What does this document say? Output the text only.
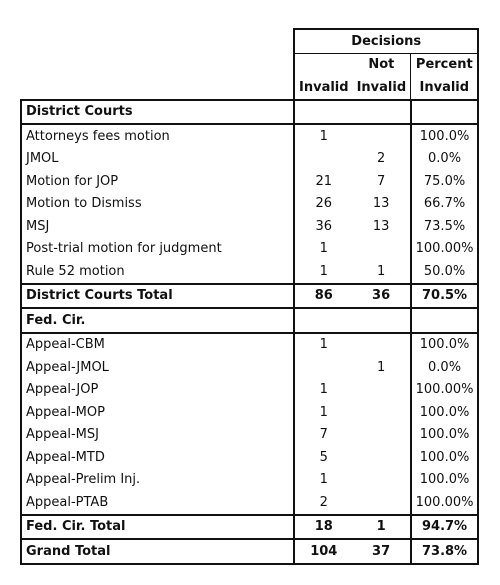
	Decisions		
		Not	Percent
	Invalid	Invalid	Invalid
District Courts			
Attorneys fees motion	1		100.0%
JMOL		2	0.0%
Motion for JOP	21	7	75.0%
Motion to Dismiss	26	13	66.7%
MSJ	36	13	73.5%
Post-trial motion for judgment	1		100.00%
Rule 52 motion	1	1	50.0%
District Courts Total	86	36	70.5%
Fed. Cir.			
Appeal-CBM	1		100.0%
Appeal-JMOL		1	0.0%
Appeal-JOP	1		100.00%
Appeal-MOP	1		100.0%
Appeal-MSJ	7		100.0%
Appeal-MTD	5		100.0%
Appeal-Prelim Inj.	1		100.0%
Appeal-PTAB	2		100.00%
Fed. Cir. Total	18	1	94.7%
Grand Total	104	37	73.8%
